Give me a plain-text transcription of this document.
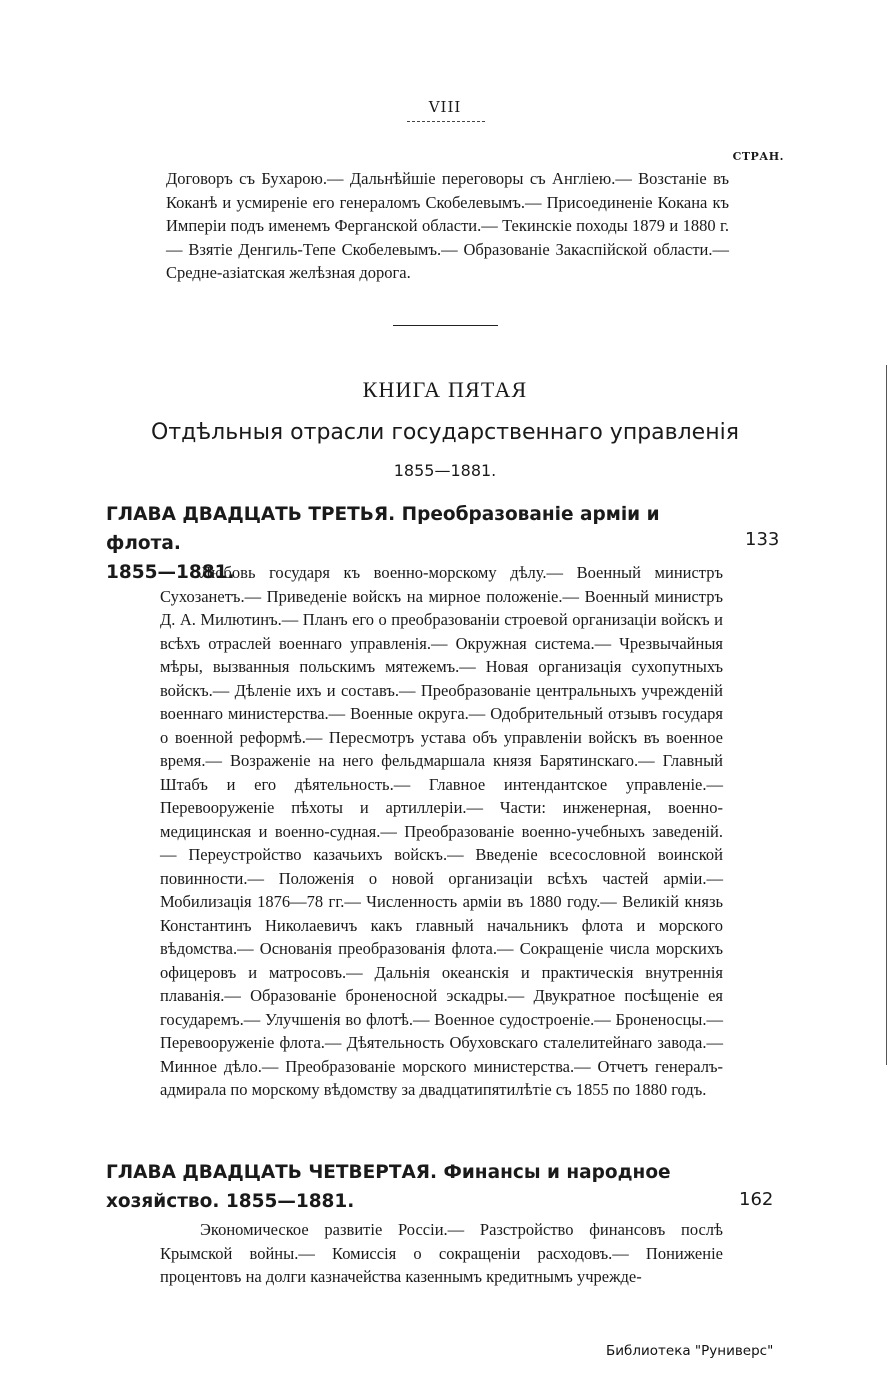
VIII
СТРАН.
Договоръ съ Бухарою.— Дальнѣйшіе переговоры съ Англіею.— Возстаніе въ Коканѣ и усмиреніе его генераломъ Скобелевымъ.— Присоединеніе Кокана къ Имперіи подъ именемъ Ферганской области.— Текинскіе походы 1879 и 1880 г.— Взятіе Денгиль-Тепе Скобелевымъ.— Образованіе Закаспійской области.— Средне-азіатская желѣзная дорога.
КНИГА ПЯТАЯ
Отдѣльныя отрасли государственнаго управленія
1855—1881.
ГЛАВА ДВАДЦАТЬ ТРЕТЬЯ. Преобразованіе арміи и флота.
1855—1881.
133
Любовь государя къ военно-морскому дѣлу.— Военный министръ Сухозанетъ.— Приведеніе войскъ на мирное положеніе.— Военный министръ Д. А. Милютинъ.— Планъ его о преобразованіи строевой организаціи войскъ и всѣхъ отраслей военнаго управленія.— Окружная система.— Чрезвычайныя мѣры, вызванныя польскимъ мятежемъ.— Новая организація сухопутныхъ войскъ.— Дѣленіе ихъ и составъ.— Преобразованіе центральныхъ учрежденій военнаго министерства.— Военные округа.— Одобрительный отзывъ государя о военной реформѣ.— Пересмотръ устава объ управленіи войскъ въ военное время.— Возраженіе на него фельдмаршала князя Барятинскаго.— Главный Штабъ и его дѣятельность.— Главное интендантское управленіе.— Перевооруженіе пѣхоты и артиллеріи.— Части: инженерная, военно-медицинская и военно-судная.— Преобразованіе военно-учебныхъ заведеній.— Переустройство казачьихъ войскъ.— Введеніе всесословной воинской повинности.— Положенія о новой организаціи всѣхъ частей арміи.— Мобилизація 1876—78 гг.— Численность арміи въ 1880 году.— Великій князь Константинъ Николаевичъ какъ главный начальникъ флота и морского вѣдомства.— Основанія преобразованія флота.— Сокращеніе числа морскихъ офицеровъ и матросовъ.— Дальнія океанскія и практическія внутреннія плаванія.— Образованіе броненосной эскадры.— Двукратное посѣщеніе ея государемъ.— Улучшенія во флотѣ.— Военное судостроеніе.— Броненосцы.— Перевооруженіе флота.— Дѣятельность Обуховскаго сталелитейнаго завода.— Минное дѣло.— Преобразованіе морского министерства.— Отчетъ генералъ-адмирала по морскому вѣдомству за двадцатипятилѣтіе съ 1855 по 1880 годъ.
ГЛАВА ДВАДЦАТЬ ЧЕТВЕРТАЯ. Финансы и народное хозяйство. 1855—1881.	162
Экономическое развитіе Россіи.— Разстройство финансовъ послѣ Крымской войны.— Комиссія о сокращеніи расходовъ.— Пониженіе процентовъ на долги казначейства казеннымъ кредитнымъ учрежде-
Библиотека "Руниверс"
